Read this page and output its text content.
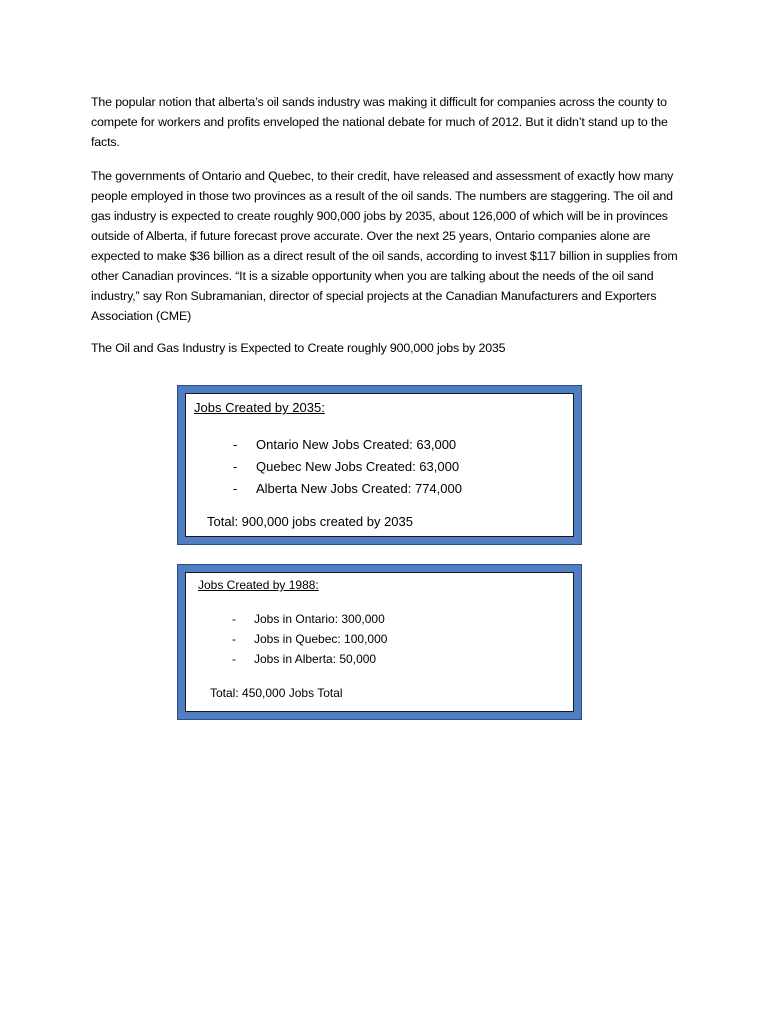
The popular notion that alberta’s oil sands industry was making it difficult for companies across the county to compete for workers and profits enveloped the national debate for much of 2012. But it didn’t stand up to the facts.

The governments of Ontario and Quebec, to their credit, have released and assessment of exactly how many people employed in those two provinces as a result of the oil sands. The numbers are staggering. The oil and gas industry is expected to create roughly 900,000 jobs by 2035, about 126,000 of which will be in provinces outside of Alberta, if future forecast prove accurate. Over the next 25 years, Ontario companies alone are expected to make $36 billion as a direct result of the oil sands, according to invest $117 billion in supplies from other Canadian provinces. “It is a sizable opportunity when you are talking about the needs of the oil sand industry,” say Ron Subramanian, director of special projects at the Canadian Manufacturers and Exporters Association (CME)

The Oil and Gas Industry is Expected to Create roughly 900,000 jobs by 2035

Jobs Created by 2035:
- Ontario New Jobs Created: 63,000
- Quebec New Jobs Created: 63,000
- Alberta New Jobs Created: 774,000
Total: 900,000 jobs created by 2035
Jobs Created by 1988:
- Jobs in Ontario: 300,000
- Jobs in Quebec: 100,000
- Jobs in Alberta: 50,000
Total: 450,000 Jobs Total
